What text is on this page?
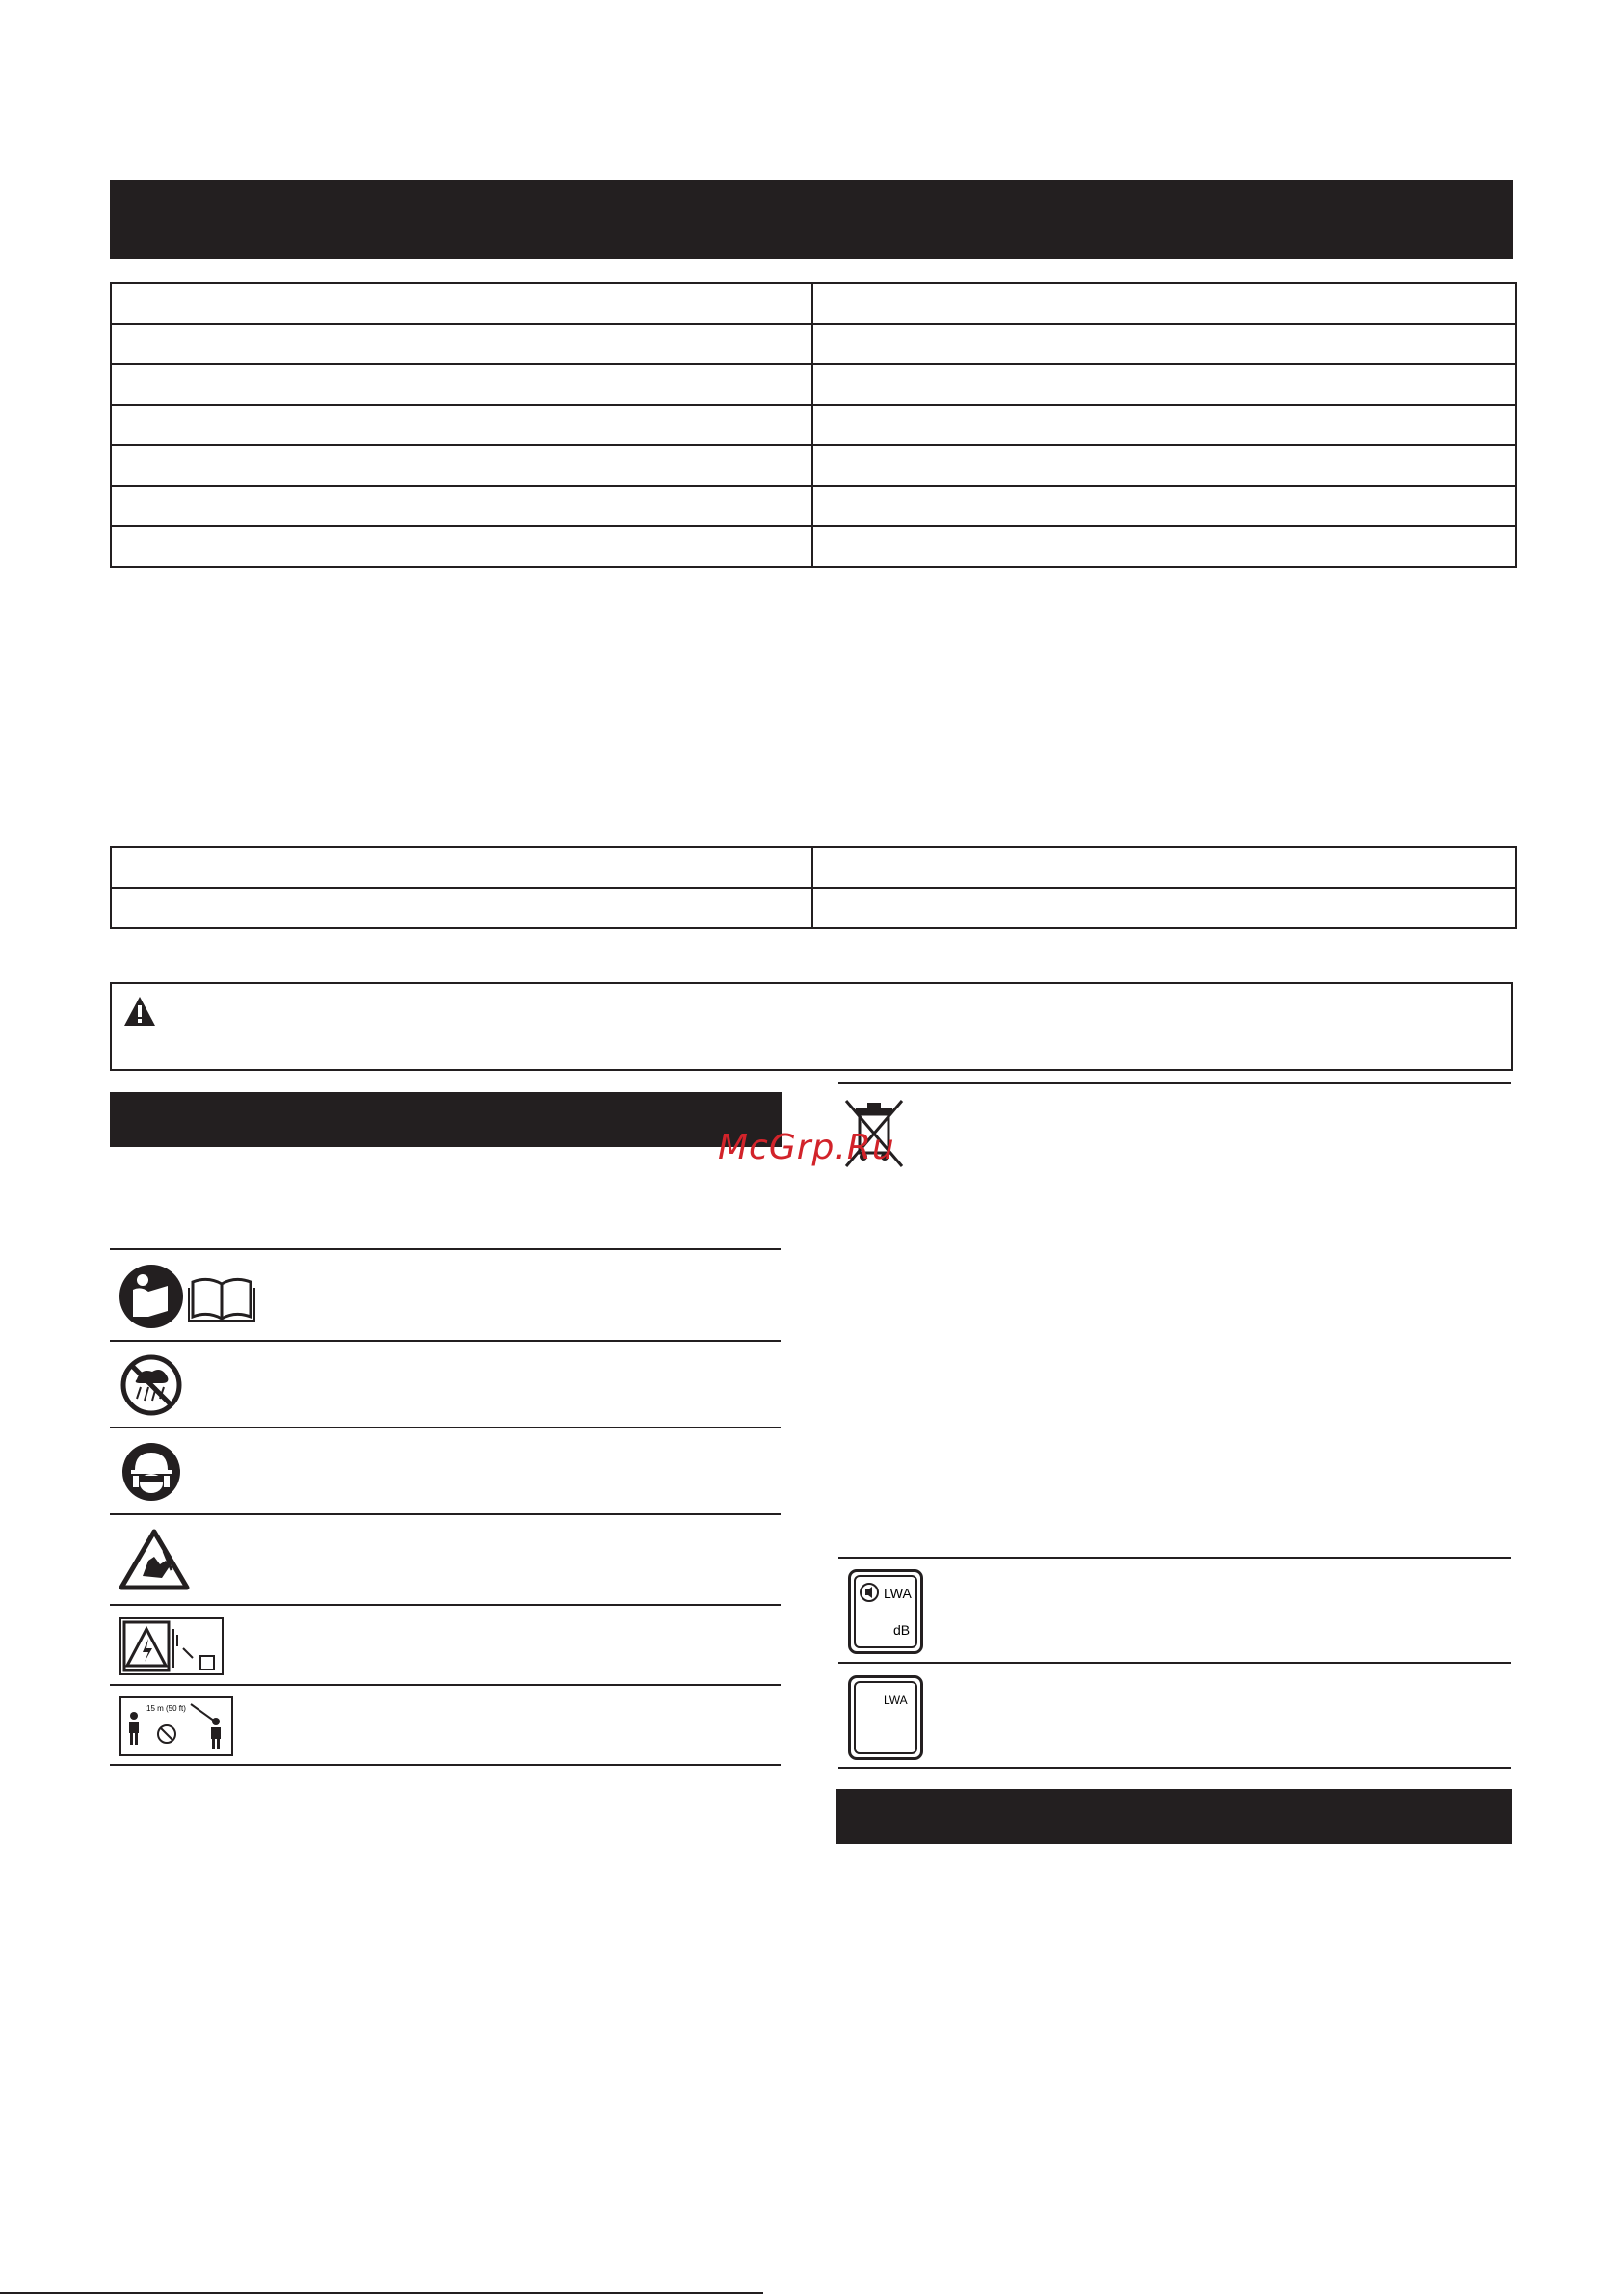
15 m (50 ft)
McGrp.Ru
LWA
dB
LWA
